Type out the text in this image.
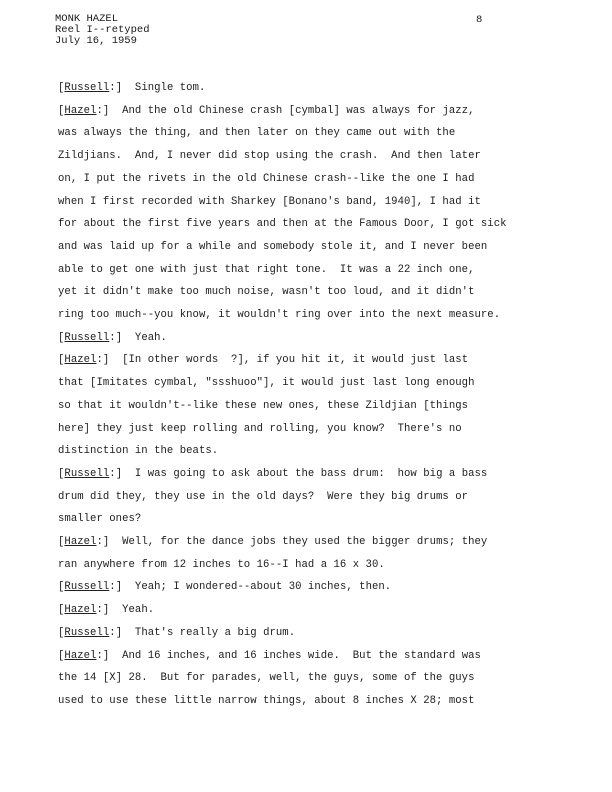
MONK HAZEL
Reel I--retyped
July 16, 1959
8
[Russell:]  Single tom.
[Hazel:]  And the old Chinese crash [cymbal] was always for jazz,
was always the thing, and then later on they came out with the
Zildjians.  And, I never did stop using the crash.  And then later
on, I put the rivets in the old Chinese crash--like the one I had
when I first recorded with Sharkey [Bonano's band, 1940], I had it
for about the first five years and then at the Famous Door, I got sick
and was laid up for a while and somebody stole it, and I never been
able to get one with just that right tone.  It was a 22 inch one,
yet it didn't make too much noise, wasn't too loud, and it didn't
ring too much--you know, it wouldn't ring over into the next measure.
[Russell:]  Yeah.
[Hazel:]  [In other words  ?], if you hit it, it would just last
that [Imitates cymbal, "ssshuoo"], it would just last long enough
so that it wouldn't--like these new ones, these Zildjian [things
here] they just keep rolling and rolling, you know?  There's no
distinction in the beats.
[Russell:]  I was going to ask about the bass drum:  how big a bass
drum did they, they use in the old days?  Were they big drums or
smaller ones?
[Hazel:]  Well, for the dance jobs they used the bigger drums; they
ran anywhere from 12 inches to 16--I had a 16 x 30.
[Russell:]  Yeah; I wondered--about 30 inches, then.
[Hazel:]  Yeah.
[Russell:]  That's really a big drum.
[Hazel:]  And 16 inches, and 16 inches wide.  But the standard was
the 14 [X] 28.  But for parades, well, the guys, some of the guys
used to use these little narrow things, about 8 inches X 28; most
